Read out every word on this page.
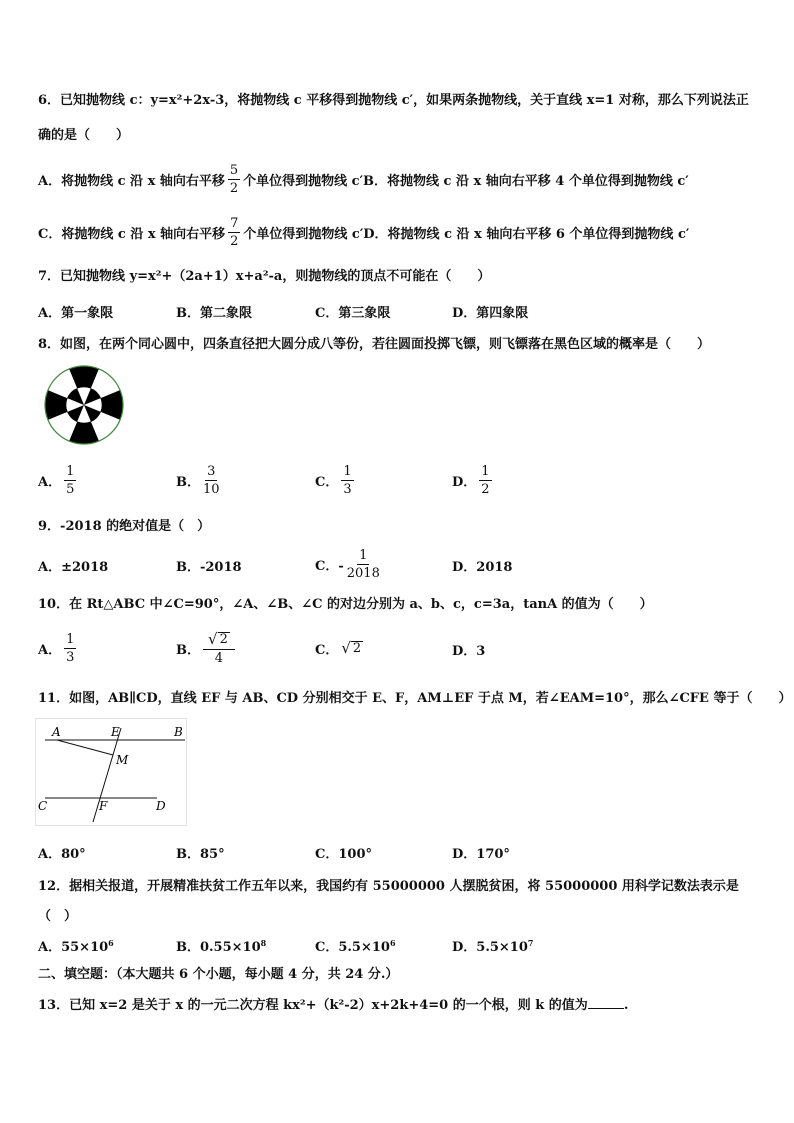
6．已知抛物线 c：y=x²+2x-3，将抛物线 c 平移得到抛物线 c′，如果两条抛物线，关于直线 x=1 对称，那么下列说法正
确的是（　　）
A．将抛物线 c 沿 x 轴向右平移 $\frac{5}{2}$ 个单位得到抛物线 c′B．将抛物线 c 沿 x 轴向右平移 4 个单位得到抛物线 c′
C．将抛物线 c 沿 x 轴向右平移 $\frac{7}{2}$ 个单位得到抛物线 c′D．将抛物线 c 沿 x 轴向右平移 6 个单位得到抛物线 c′
7．已知抛物线 y=x²+（2a+1）x+a²-a，则抛物线的顶点不可能在（　　）
A．第一象限	B．第二象限	C．第三象限	D．第四象限
8．如图，在两个同心圆中，四条直径把大圆分成八等份，若往圆面投掷飞镖，则飞镖落在黑色区域的概率是（　　）
A． $\frac{1}{5}$	B． $\frac{3}{10}$	C． $\frac{1}{3}$	D． $\frac{1}{2}$
9．-2018 的绝对值是（　）
A．±2018	B．-2018	C．- $\frac{1}{2018}$	D．2018
10．在 Rt△ABC 中∠C=90°，∠A、∠B、∠C 的对边分别为 a、b、c，c=3a，tanA 的值为（　　）
A． $\frac{1}{3}$	B． $\frac{√ 2}{4}$	C． √ 2	D．3
11．如图，AB∥CD，直线 EF 与 AB、CD 分别相交于 E、F，AM⊥EF 于点 M，若∠EAM=10°，那么∠CFE 等于（　　）
A	E	B
M
C	F	D
A．80°	B．85°	C．100°	D．170°
12．据相关报道，开展精准扶贫工作五年以来，我国约有 55000000 人摆脱贫困，将 55000000 用科学记数法表示是
（　）
A．$55\times 10^6$	B．$0.55\times 10^8$	C．$5.5\times 10^6$	D．$5.5\times 10^7$
二、填空题：（本大题共 6 个小题，每小题 4 分，共 24 分.）
13．已知 x=2 是关于 x 的一元二次方程 kx²+（k²-2）x+2k+4=0 的一个根，则 k 的值为	.
